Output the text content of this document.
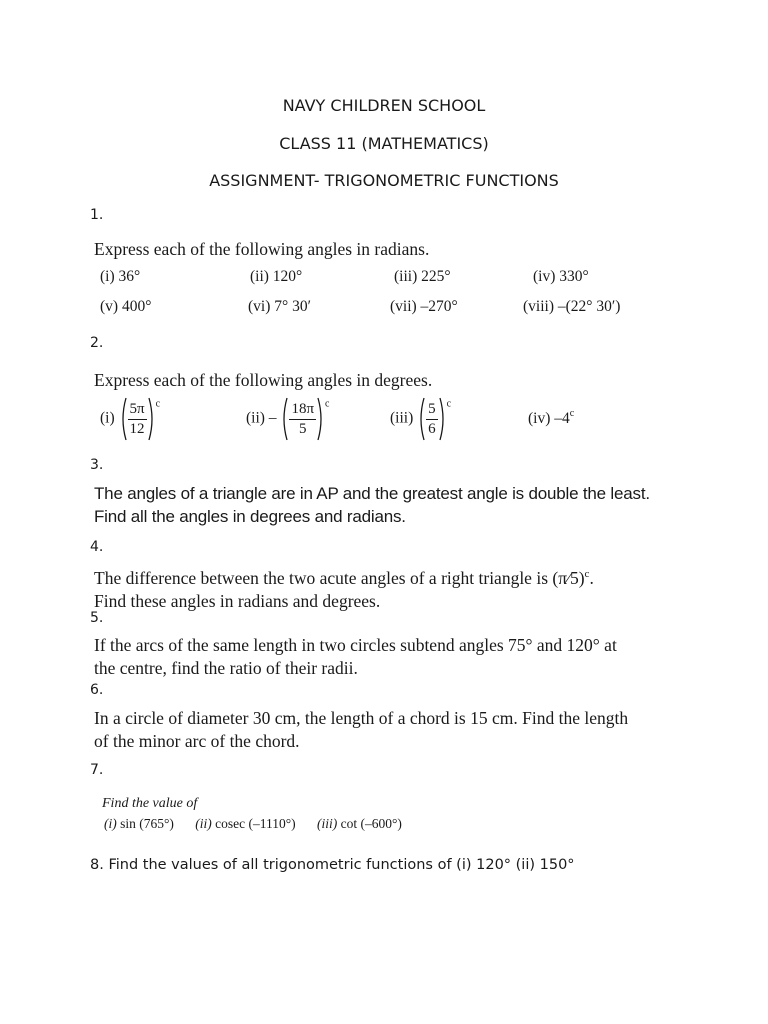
NAVY CHILDREN SCHOOL
CLASS 11 (MATHEMATICS)
ASSIGNMENT- TRIGONOMETRIC FUNCTIONS
1.
Express each of the following angles in radians.
(i) 36°	(ii) 120°	(iii) 225°	(iv) 330°
(v) 400°	(vi) 7° 30′	(vii) –270°	(viii) –(22° 30′)
2.
Express each of the following angles in degrees.
$(i) \frac{5\pi}{12} ^c$
$(ii) - \frac{18\pi}{5} ^c$
$(iii) \frac{5}{6} ^c$
(iv) –4$^c$
3.
The angles of a triangle are in AP and the greatest angle is double the least.
Find all the angles in degrees and radians.
4.
The difference between the two acute angles of a right triangle is (π⁄5)$^c$.
Find these angles in radians and degrees.
5.
If the arcs of the same length in two circles subtend angles 75° and 120° at
the centre, find the ratio of their radii.
6.
In a circle of diameter 30 cm, the length of a chord is 15 cm. Find the length
of the minor arc of the chord.
7.
Find the value of
(i) sin (765°) (ii) cosec (–1110°) (iii) cot (–600°)
8. Find the values of all trigonometric functions of (i) 120° (ii) 150°
